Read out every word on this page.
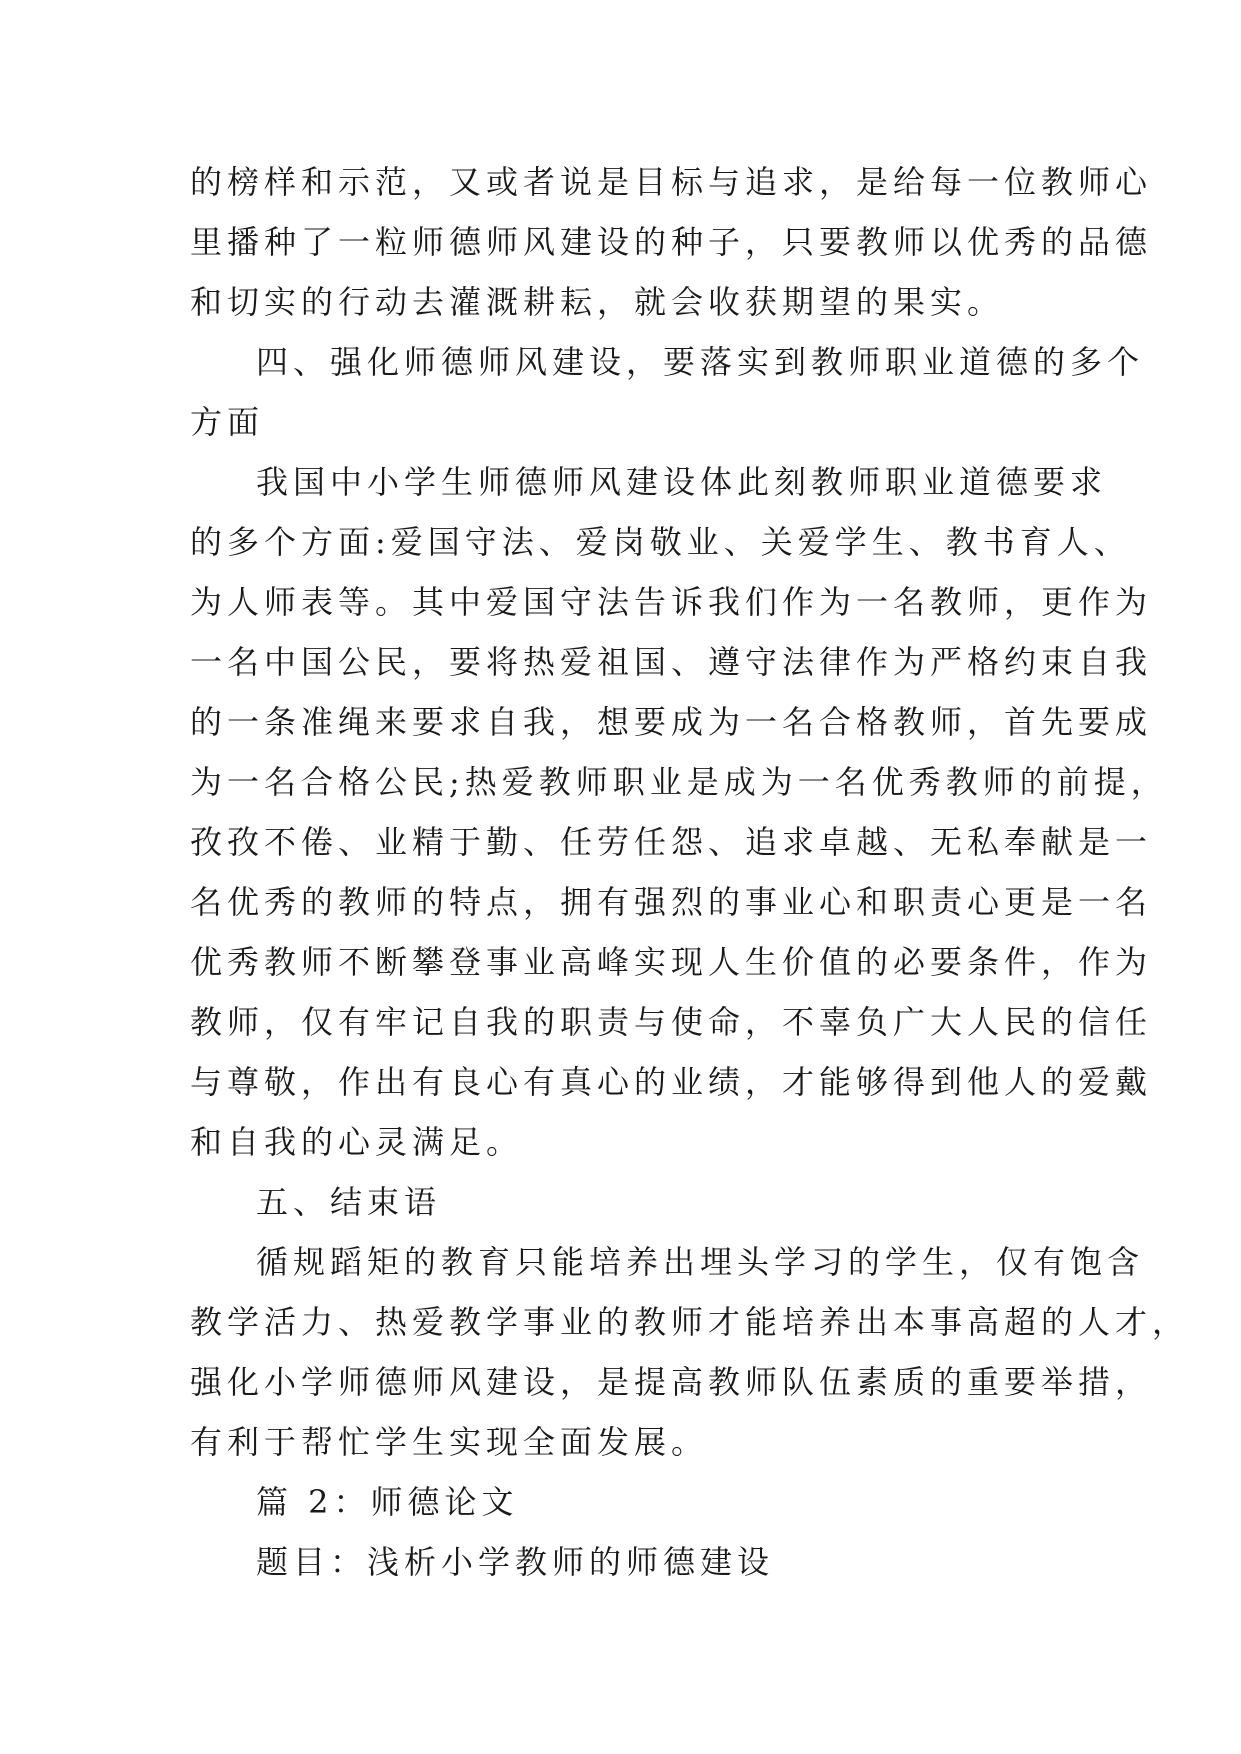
的榜样和示范，又或者说是目标与追求，是给每一位教师心
里播种了一粒师德师风建设的种子，只要教师以优秀的品德
和切实的行动去灌溉耕耘，就会收获期望的果实。
四、强化师德师风建设，要落实到教师职业道德的多个
方面
我国中小学生师德师风建设体此刻教师职业道德要求
的多个方面:爱国守法、爱岗敬业、关爱学生、教书育人、
为人师表等。其中爱国守法告诉我们作为一名教师，更作为
一名中国公民，要将热爱祖国、遵守法律作为严格约束自我
的一条准绳来要求自我，想要成为一名合格教师，首先要成
为一名合格公民;热爱教师职业是成为一名优秀教师的前提，
孜孜不倦、业精于勤、任劳任怨、追求卓越、无私奉献是一
名优秀的教师的特点，拥有强烈的事业心和职责心更是一名
优秀教师不断攀登事业高峰实现人生价值的必要条件，作为
教师，仅有牢记自我的职责与使命，不辜负广大人民的信任
与尊敬，作出有良心有真心的业绩，才能够得到他人的爱戴
和自我的心灵满足。
五、结束语
循规蹈矩的教育只能培养出埋头学习的学生，仅有饱含
教学活力、热爱教学事业的教师才能培养出本事高超的人才，
强化小学师德师风建设，是提高教师队伍素质的重要举措，
有利于帮忙学生实现全面发展。
篇 2：师德论文
题目：浅析小学教师的师德建设
